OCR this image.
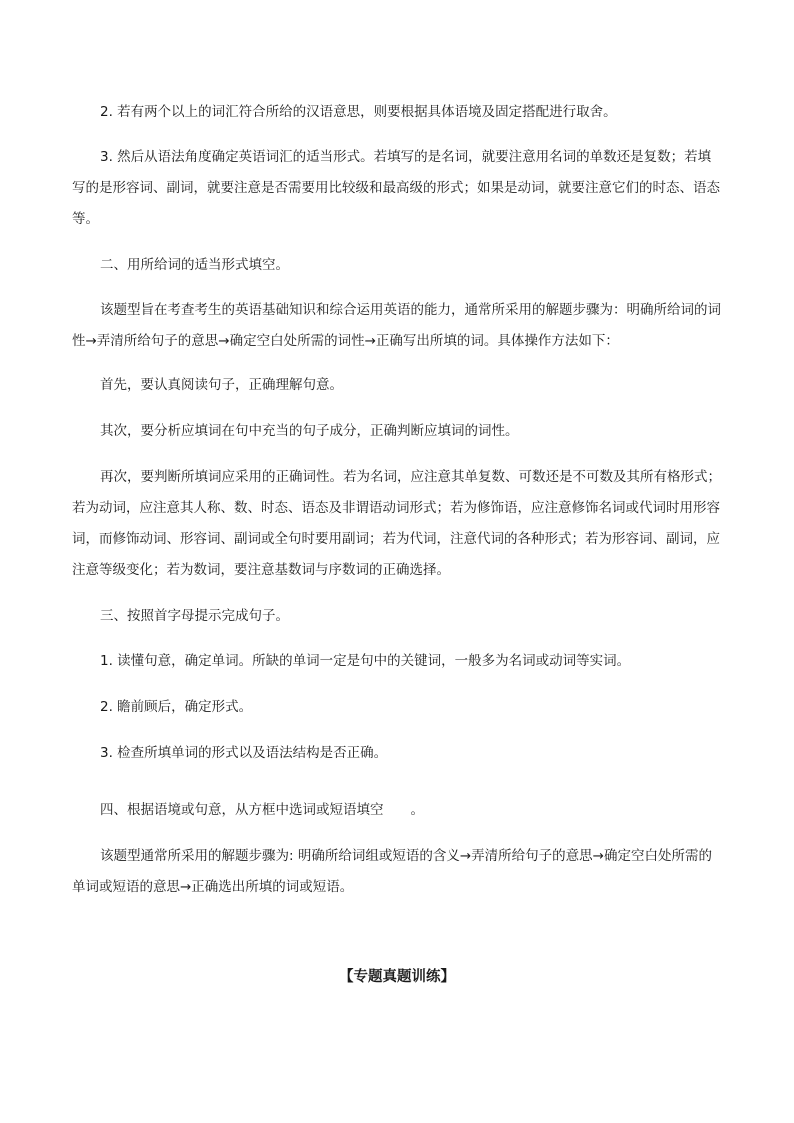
2. 若有两个以上的词汇符合所给的汉语意思，则要根据具体语境及固定搭配进行取舍。

3. 然后从语法角度确定英语词汇的适当形式。若填写的是名词，就要注意用名词的单数还是复数；若填写的是形容词、副词，就要注意是否需要用比较级和最高级的形式；如果是动词，就要注意它们的时态、语态等。

二、用所给词的适当形式填空。

该题型旨在考查考生的英语基础知识和综合运用英语的能力，通常所采用的解题步骤为：明确所给词的词性→弄清所给句子的意思→确定空白处所需的词性→正确写出所填的词。具体操作方法如下：

首先，要认真阅读句子，正确理解句意。

其次，要分析应填词在句中充当的句子成分，正确判断应填词的词性。

再次，要判断所填词应采用的正确词性。若为名词，应注意其单复数、可数还是不可数及其所有格形式；若为动词，应注意其人称、数、时态、语态及非谓语动词形式；若为修饰语，应注意修饰名词或代词时用形容词，而修饰动词、形容词、副词或全句时要用副词；若为代词，注意代词的各种形式；若为形容词、副词，应注意等级变化；若为数词，要注意基数词与序数词的正确选择。

三、按照首字母提示完成句子。

1. 读懂句意，确定单词。所缺的单词一定是句中的关键词，一般多为名词或动词等实词。

2. 瞻前顾后，确定形式。

3. 检查所填单词的形式以及语法结构是否正确。

四、根据语境或句意，从方框中选词或短语填空　　。

该题型通常所采用的解题步骤为: 明确所给词组或短语的含义→弄清所给句子的意思→确定空白处所需的单词或短语的意思→正确选出所填的词或短语。

【专题真题训练】
